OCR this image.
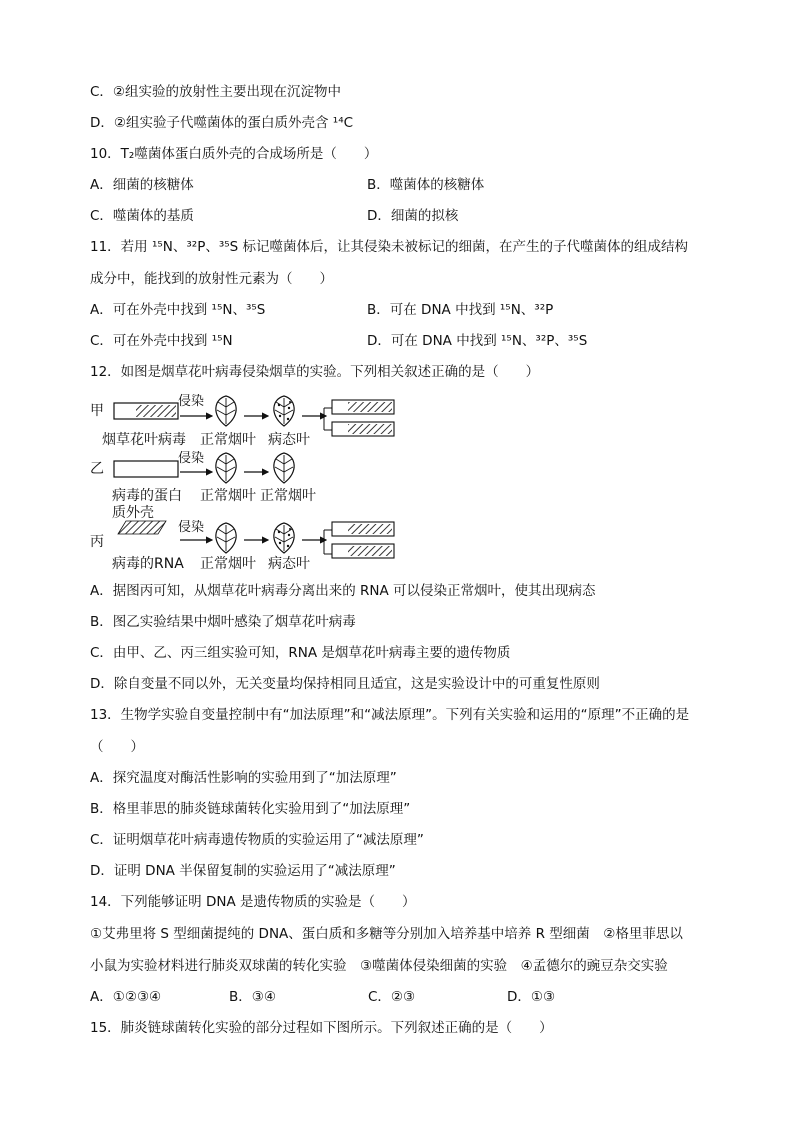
C．②组实验的放射性主要出现在沉淀物中
D．②组实验子代噬菌体的蛋白质外壳含 ¹⁴C
10．T₂噬菌体蛋白质外壳的合成场所是（　　）
A．细菌的核糖体	B．噬菌体的核糖体
C．噬菌体的基质	D．细菌的拟核
11．若用 ¹⁵N、³²P、³⁵S 标记噬菌体后，让其侵染未被标记的细菌，在产生的子代噬菌体的组成结构
成分中，能找到的放射性元素为（　　）
A．可在外壳中找到 ¹⁵N、³⁵S	B．可在 DNA 中找到 ¹⁵N、³²P
C．可在外壳中找到 ¹⁵N	D．可在 DNA 中找到 ¹⁵N、³²P、³⁵S
12．如图是烟草花叶病毒侵染烟草的实验。下列相关叙述正确的是（　　）
甲
侵染
烟草花叶病毒 正常烟叶 病态叶
乙
侵染
病毒的蛋白
质外壳
正常烟叶 正常烟叶
丙
侵染
病毒的RNA 正常烟叶 病态叶
A．据图丙可知，从烟草花叶病毒分离出来的 RNA 可以侵染正常烟叶，使其出现病态
B．图乙实验结果中烟叶感染了烟草花叶病毒
C．由甲、乙、丙三组实验可知，RNA 是烟草花叶病毒主要的遗传物质
D．除自变量不同以外，无关变量均保持相同且适宜，这是实验设计中的可重复性原则
13．生物学实验自变量控制中有“加法原理”和“减法原理”。下列有关实验和运用的“原理”不正确的是
（　　）
A．探究温度对酶活性影响的实验用到了“加法原理”
B．格里菲思的肺炎链球菌转化实验用到了“加法原理”
C．证明烟草花叶病毒遗传物质的实验运用了“减法原理”
D．证明 DNA 半保留复制的实验运用了“减法原理”
14．下列能够证明 DNA 是遗传物质的实验是（　　）
①艾弗里将 S 型细菌提纯的 DNA、蛋白质和多糖等分别加入培养基中培养 R 型细菌　②格里菲思以
小鼠为实验材料进行肺炎双球菌的转化实验　③噬菌体侵染细菌的实验　④孟德尔的豌豆杂交实验
A．①②③④	B．③④	C．②③	D．①③
15．肺炎链球菌转化实验的部分过程如下图所示。下列叙述正确的是（　　）
